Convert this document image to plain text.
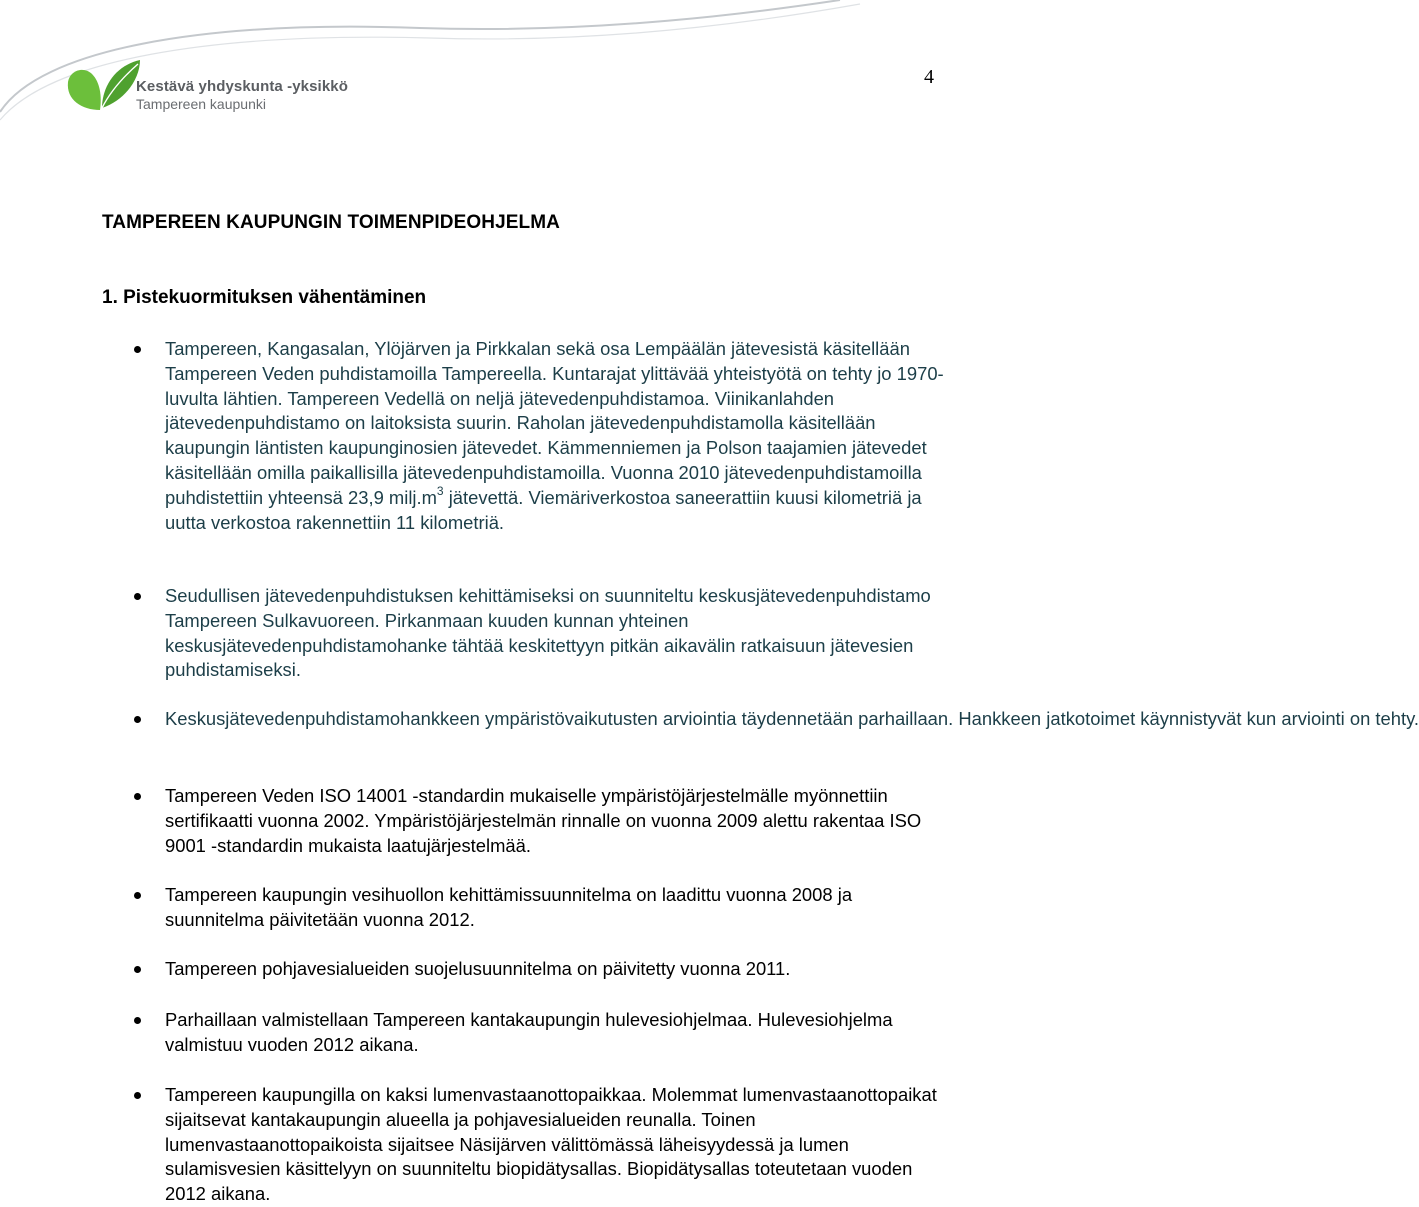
Kestävä yhdyskunta -yksikkö
Tampereen kaupunki
4
TAMPEREEN KAUPUNGIN TOIMENPIDEOHJELMA
1. Pistekuormituksen vähentäminen
Tampereen, Kangasalan, Ylöjärven ja Pirkkalan sekä osa Lempäälän jätevesistä käsitellään Tampereen Veden puhdistamoilla Tampereella. Kuntarajat ylittävää yhteistyötä on tehty jo 1970-luvulta lähtien. Tampereen Vedellä on neljä jätevedenpuhdistamoa. Viinikanlahden jätevedenpuhdistamo on laitoksista suurin. Raholan jätevedenpuhdistamolla käsitellään kaupungin läntisten kaupunginosien jätevedet. Kämmenniemen ja Polson taajamien jätevedet käsitellään omilla paikallisilla jätevedenpuhdistamoilla. Vuonna 2010 jätevedenpuhdistamoilla puhdistettiin yhteensä 23,9 $milj.m^3$ jätevettä. Viemäriverkostoa saneerattiin kuusi kilometriä ja uutta verkostoa rakennettiin 11 kilometriä.
Seudullisen jätevedenpuhdistuksen kehittämiseksi on suunniteltu keskusjätevedenpuhdistamo Tampereen Sulkavuoreen. Pirkanmaan kuuden kunnan yhteinen keskusjätevedenpuhdistamohanke tähtää keskitettyyn pitkän aikavälin ratkaisuun jätevesien puhdistamiseksi.
Keskusjätevedenpuhdistamohankkeen ympäristövaikutusten arviointia täydennetään parhaillaan. Hankkeen jatkotoimet käynnistyvät kun arviointi on tehty.
Tampereen Veden ISO 14001 -standardin mukaiselle ympäristöjärjestelmälle myönnettiin sertifikaatti vuonna 2002. Ympäristöjärjestelmän rinnalle on vuonna 2009 alettu rakentaa ISO 9001 -standardin mukaista laatujärjestelmää.
Tampereen kaupungin vesihuollon kehittämissuunnitelma on laadittu vuonna 2008 ja suunnitelma päivitetään vuonna 2012.
Tampereen pohjavesialueiden suojelusuunnitelma on päivitetty vuonna 2011.
Parhaillaan valmistellaan Tampereen kantakaupungin hulevesiohjelmaa. Hulevesiohjelma valmistuu vuoden 2012 aikana.
Tampereen kaupungilla on kaksi lumenvastaanottopaikkaa. Molemmat lumenvastaanottopaikat sijaitsevat kantakaupungin alueella ja pohjavesialueiden reunalla. Toinen lumenvastaanottopaikoista sijaitsee Näsijärven välittömässä läheisyydessä ja lumen sulamisvesien käsittelyyn on suunniteltu biopidätysallas. Biopidätysallas toteutetaan vuoden 2012 aikana.
